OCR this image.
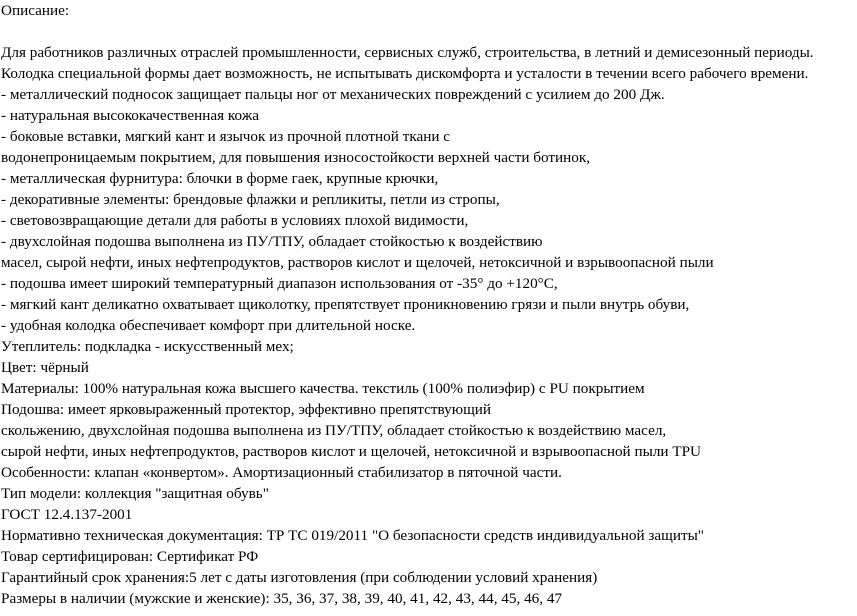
Описание:
Для работников различных отраслей промышленности, сервисных служб, строительства, в летний и демисезонный периоды.
Колодка специальной формы дает возможность, не испытывать дискомфорта и усталости в течении всего рабочего времени.
- металлический подносок защищает пальцы ног от механических повреждений с усилием до 200 Дж.
- натуральная высококачественная кожа
- боковые вставки, мягкий кант и язычок из прочной плотной ткани с
водонепроницаемым покрытием, для повышения износостойкости верхней части ботинок,
- металлическая фурнитура: блочки в форме гаек, крупные крючки,
- декоративные элементы: брендовые флажки и репликиты, петли из стропы,
- световозвращающие детали для работы в условиях плохой видимости,
- двухслойная подошва выполнена из ПУ/ТПУ, обладает стойкостью к воздействию
масел, сырой нефти, иных нефтепродуктов, растворов кислот и щелочей, нетоксичной и взрывоопасной пыли
- подошва имеет широкий температурный диапазон использования от -35° до +120°С,
- мягкий кант деликатно охватывает щиколотку, препятствует проникновению грязи и пыли внутрь обуви,
- удобная колодка обеспечивает комфорт при длительной носке.
Утеплитель: подкладка - искусственный мех;
Цвет: чёрный
Материалы: 100% натуральная кожа высшего качества. текстиль (100% полиэфир) с PU покрытием
Подошва: имеет ярковыраженный протектор, эффективно препятствующий
скольжению, двухслойная подошва выполнена из ПУ/ТПУ, обладает стойкостью к воздействию масел,
сырой нефти, иных нефтепродуктов, растворов кислот и щелочей, нетоксичной и взрывоопасной пыли TPU
Особенности: клапан «конвертом». Амортизационный стабилизатор в пяточной части.
Тип модели: коллекция "защитная обувь"
ГОСТ 12.4.137-2001
Нормативно техническая документация: ТР ТС 019/2011 "О безопасности средств индивидуальной защиты"
Товар сертифицирован: Сертификат РФ
Гарантийный срок хранения:5 лет с даты изготовления (при соблюдении условий хранения)
Размеры в наличии (мужские и женские): 35, 36, 37, 38, 39, 40, 41, 42, 43, 44, 45, 46, 47
